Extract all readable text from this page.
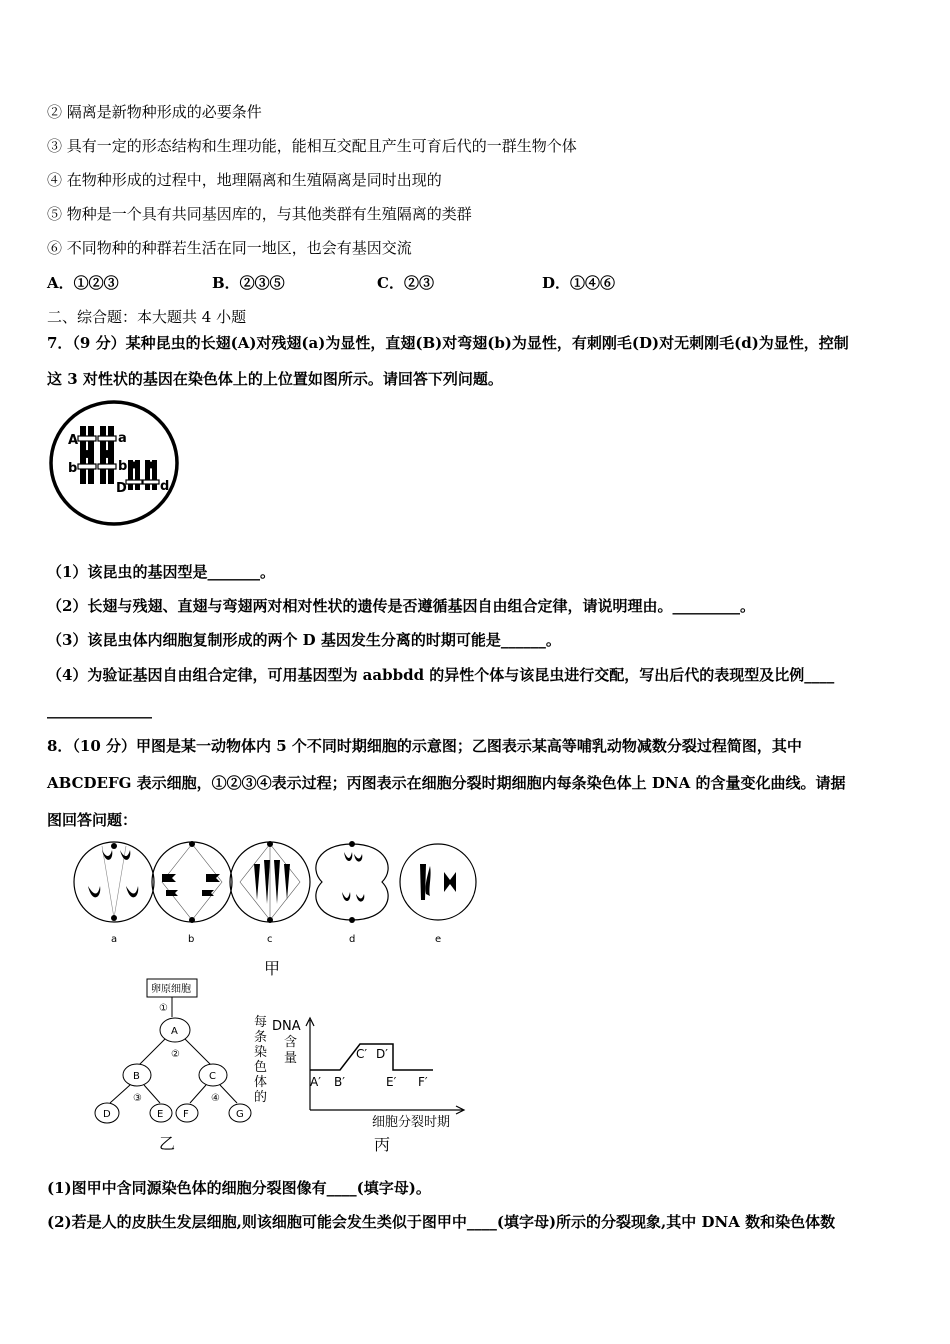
② 隔离是新物种形成的必要条件
③ 具有一定的形态结构和生理功能，能相互交配且产生可育后代的一群生物个体
④ 在物种形成的过程中，地理隔离和生殖隔离是同时出现的
⑤ 物种是一个具有共同基因库的，与其他类群有生殖隔离的类群
⑥ 不同物种的种群若生活在同一地区，也会有基因交流
A．①②③	B．②③⑤	C．②③	D．①④⑥
二、综合题：本大题共 4 小题
7．（9 分）某种昆虫的长翅(A)对残翅(a)为显性，直翅(B)对弯翅(b)为显性，有刺刚毛(D)对无刺刚毛(d)为显性，控制
这 3 对性状的基因在染色体上的上位置如图所示。请回答下列问题。
A	a
b	b
D	d
（1）该昆虫的基因型是_______。
（2）长翅与残翅、直翅与弯翅两对相对性状的遗传是否遵循基因自由组合定律，请说明理由。_________。
（3）该昆虫体内细胞复制形成的两个 D 基因发生分离的时期可能是______。
（4）为验证基因自由组合定律，可用基因型为 aabbdd 的异性个体与该昆虫进行交配，写出后代的表现型及比例____
______________
8．（10 分）甲图是某一动物体内 5 个不同时期细胞的示意图；乙图表示某高等哺乳动物减数分裂过程简图，其中
ABCDEFG 表示细胞，①②③④表示过程；丙图表示在细胞分裂时期细胞内每条染色体上 DNA 的含量变化曲线。请据
图回答问题：
a	b	c	d	e
甲
卵原细胞
①
A
②
B	C
③	④
D	E F	G
乙
每 条 染 色 体 的
DNA
含 量
A′ B′
C′ D′
E′ F′
细胞分裂时期
丙
(1)图甲中含同源染色体的细胞分裂图像有____(填字母)。
(2)若是人的皮肤生发层细胞,则该细胞可能会发生类似于图甲中____(填字母)所示的分裂现象,其中 DNA 数和染色体数
